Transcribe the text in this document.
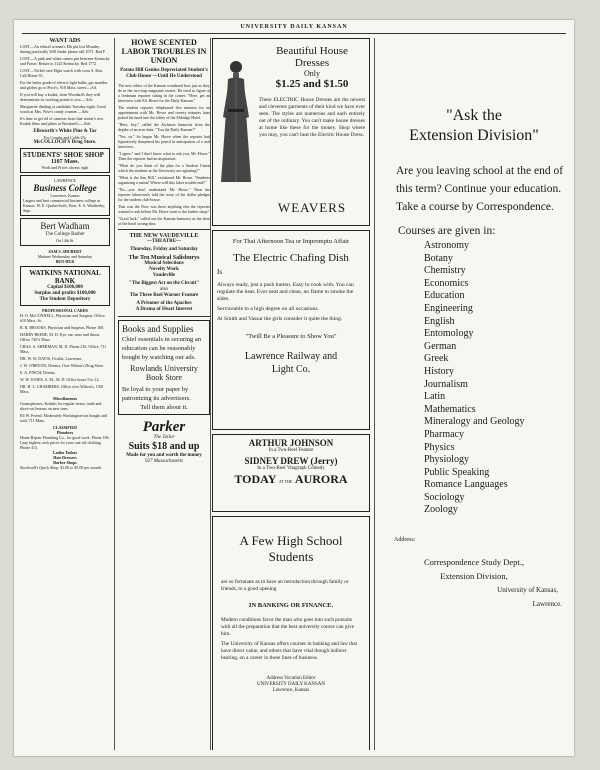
UNIVERSITY DAILY KANSAN
WANT ADS
LOST—An ethical woman's Elk pin lost Monday during practically Will finder please call 1071. Red F
LOST—A pink and white cameo pin between Kentucky and Fraser. Return to 1125 Kentucky. Red 1772
LOST—Nickel case Elgin watch with cross S. Kiet. Call Home 35.
For the better grade of electric light bulbs, gas mantles and globes go to Price's, 918 Mass. street.—Ad.
If you will buy a kodak, from Woodard's they will demonstrate its working points to you.—Adv.
Marguerite dinding at candidate Tuesday night. Good watch at Mrs. Wise's candy counter.—Adv.
It's time to get rid of cameras from that winter's rest. Kodak films and plates at Woodard's.—Adv.
Ellsworth's White Pine & Tar
For Coughs and Colds 25c
McCOLLOCH'S Drug Store.
STUDENTS' SHOE SHOP
1107 Mass.
Work and Prices always right
LAWRENCE
Business College
Lawrence, Kansas
Largest and best commercial business college in Kansas. W. E. Quaker-both, Prest. E. S. Weatherby, Supt.
Bert Wadham
The College Barber
On 14th St.
SAM S. SHUBERT
Matinee Wednesday and Saturday
BEN-HUR
WATKINS NATIONAL BANK
Capital $100,000
Surplus and profits $100,000
The Student Depository
PROFESSIONAL CARDS
H. O. McCONNELL, Physician and Surgeon. Office, 610 Mass. St.
R. R. BROOKS, Physician and Surgeon, Phone 168.
HARRY BEEBE, M. D. Eye, ear, nose and throat. Office 745½ Mass.
CHAS. A. SHERMAN, M. D. Phone 216, Office, 711 Mass.
DR. W. W. DAVIS, Oculist, Lawrence.
J. W. O'BRYON, Dentist, Over Wilson's Drug Store.
E. A. FINCH, Dentist.
W. W. JONES, A. M., M. D. Office hours 9 to 12.
DR. H. L. CHAMBERS, Office over Wilson's, 1001 Mass.
Miscellaneous
Gramophones, Kodaks for regular terms; trade and short-cut lessons on new ones.
Eli W. Friend. Moderately Washington-ton bought and sold. 711 Mass.
CLASSIFIED
Plumbers
Home Repair Plumbing Co., for good work. Phone 106.
I pay highest cash prices for your cast-off clothing. Phone 413.
Ladies Tailors
Hair Dressers
Barber Shops
Stockwell's Quick Shop. $1.00 to $5.00 per month.
HOWE SCENTED LABOR TROUBLES IN UNION
Potato Hill Genius Depreciated Student's Club House —Until He Understood
The new editor of the Kansan wondered how just as they do in the two-step magazine stories. He tried to figure at a freshman reporter sitting in the corner. "Here, get an interview with Ed. Howe for the Daily Kansan."
The student reporter telephoned five minutes for an appointment with Mr. Howe and twenty minutes later poked his head into the lobby of the Eldridge Hotel.
"Here, boy," called the Atchison humorist from the depths of an arm chair. "You the Daily Kansan?"
"Yes, sir." So began Mr. Howe when the reporter had figuratively sharpened his pencil in anticipation of a real interview.
"I agree," and I don't know what to ask you, Mr. Howe." Then the reporter had an inspiration.
"What do you think of the plan for a Student Union which the students at the University are agitating?"
"What is the Sun Hill," exclaimed Mr. Howe. "Students organizing a union! Where will this labor trouble end?"
"No—you don't understand Mr. Howe." Then the reporter laboriously told the story of the dollar pledges for the student club-house.
That was the Now was there anything else the reporter wanted to ask before Mr. Howe went to the barber shop?
"Good luck," called out the Kansan humorist as the door of the hotel swung shut.
THE NEW VAUDEVILLE
—THEATRE—
Thursday, Friday and Saturday
The Ten Musical Salisburys
Musical Selections
Novelty Work
Vaudeville
"The Biggest Act on the Circuit"
also
The Three Reel Warner Feature
A Prisoner of the Apaches
A Drama of Heart Interest
Books and Supplies
Chief essentials in securing an education can be reasonably bought by watching our ads.
Rowlands University Book Store
Be loyal to your paper by patronizing its advertisers.
Tell them about it.
Parker
The Tailor
Suits $18 and up
Made for you and worth the money
927 Massachusetts
Beautiful House Dresses
Only
$1.25 and $1.50
These ELECTRIC House Dresses are the newest and cleverest garments of their kind we have ever seen. The styles are numerous and each entirely out of the ordinary. You can't make house dresses at home like these for the money. Shop where you may, you can't beat the Electric House Dress.
WEAVERS
For That Afternoon Tea or Impromptu Affair
The Electric Chafing Dish
Is

Always ready, just a push button. Easy to cook with. You can regulate the heat. Ever neat and clean, no flame to smoke the sides.

Serviceable to a high degree on all occasions.

At Smith and Vassar the girls consider it quite the thing.

"Twill Be a Pleasure to Show You"
Lawrence Railway and Light Co.
ARTHUR JOHNSON
In a Two-Reel Feature
SIDNEY DREW (Jerry)
In a Two-Reel Vitagraph Comedy
TODAY AT THE AURORA
A Few High School Students

are so fortunate as to have an introduction through family or friends, to a good opening

IN BANKING OR FINANCE.

Modern conditions favor the man who goes into such pursuits with all the preparation that the best university course can give him.

The University of Kansas offers courses in banking and law that have direct value, and others that have vital though indirect bearing, on a career in these lines of business.

Address Vocation Editor
UNIVERSITY DAILY KANSAN
Lawrence, Kansas
"Ask the
Extension Division"
Are you leaving school at the end of this term? Continue your education. Take a course by Correspondence.
Courses are given in:
Astronomy
Botany
Chemistry
Economics
Education
Engineering
English
Entomology
German
Greek
History
Journalism
Latin
Mathematics
Mineralogy and Geology
Pharmacy
Physics
Physiology
Public Speaking
Romance Languages
Sociology
Zoology
Address:
Correspondence Study Dept.,
Extension Division,
University of Kansas,
Lawrence.
